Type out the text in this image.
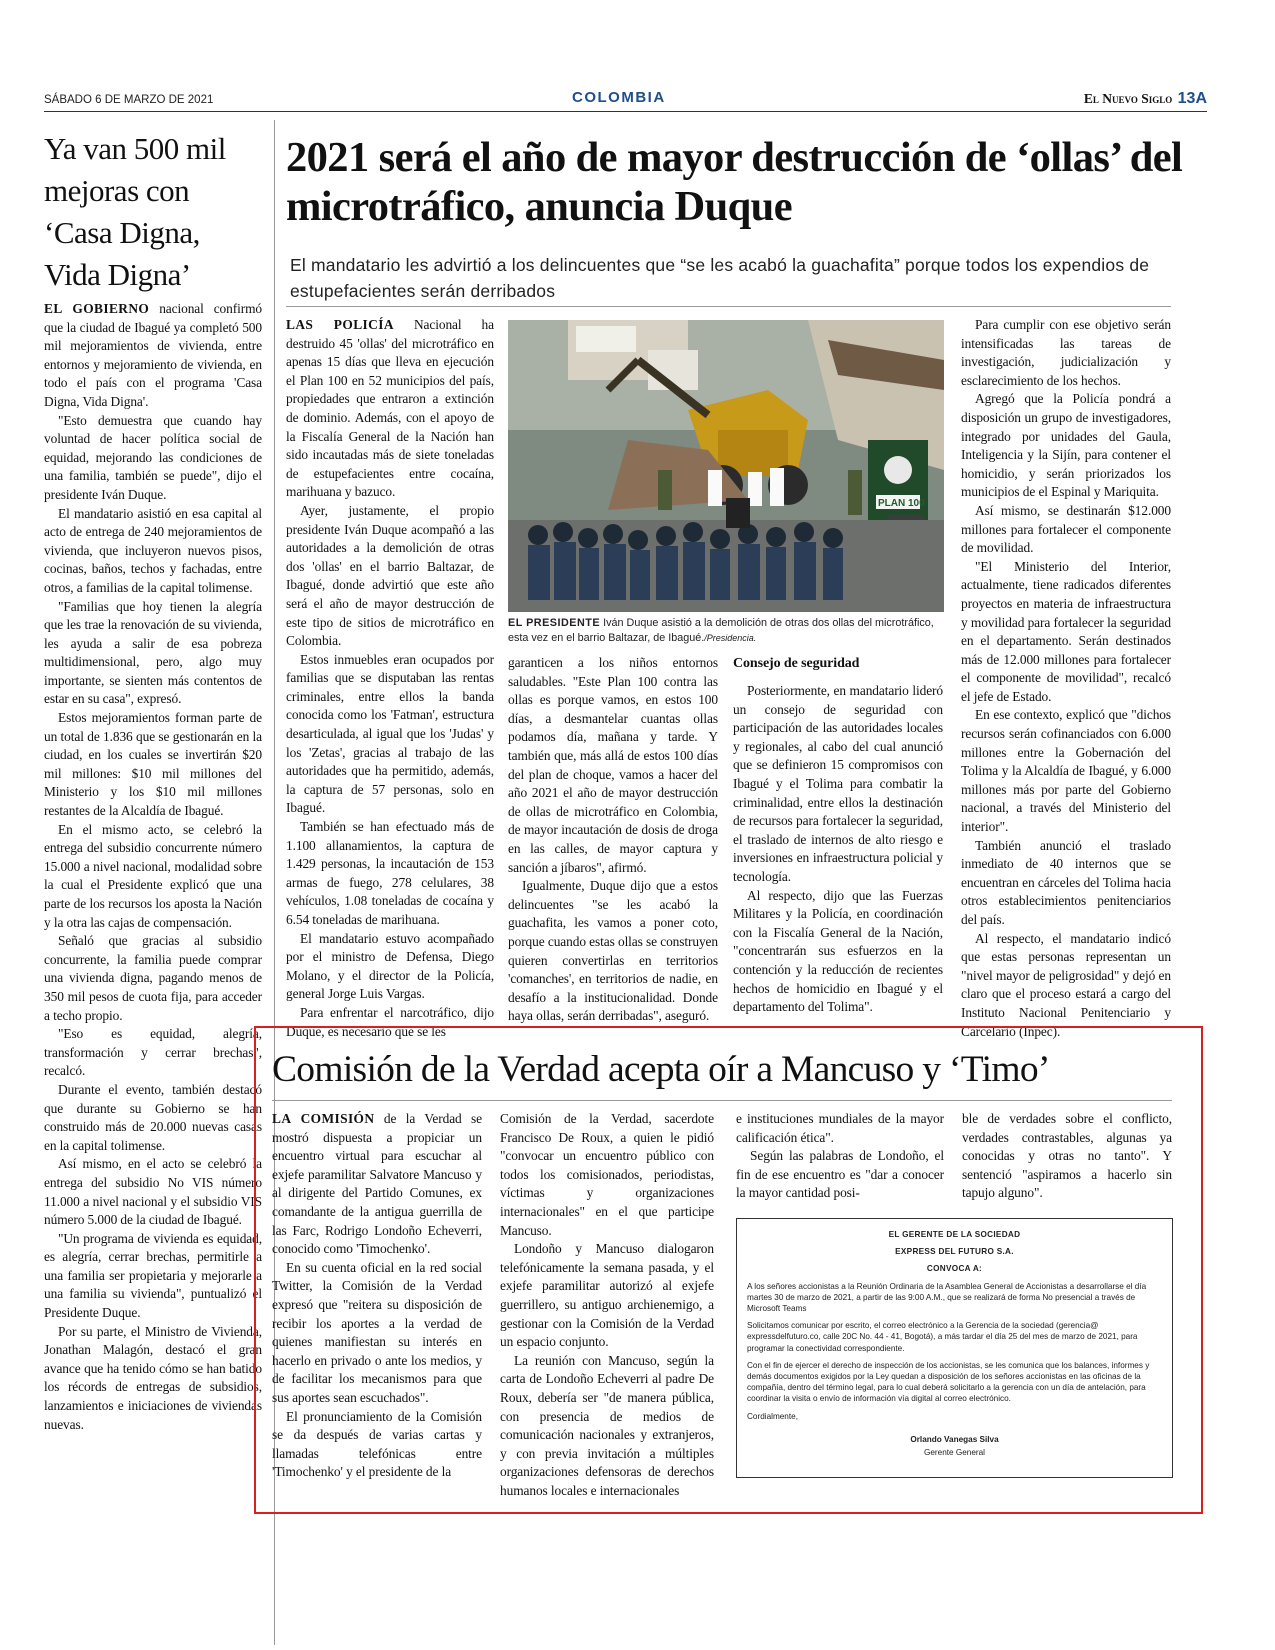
SÁBADO 6 DE MARZO DE 2021	COLOMBIA	El Nuevo Siglo 13A
Ya van 500 mil mejoras con ‘Casa Digna, Vida Digna’

EL GOBIERNO nacional confirmó que la ciudad de Ibagué ya completó 500 mil mejoramientos de vivienda, entre entornos y mejoramiento de vivienda, en todo el país con el programa 'Casa Digna, Vida Digna'.

"Esto demuestra que cuando hay voluntad de hacer política social de equidad, mejorando las condiciones de una familia, también se puede", dijo el presidente Iván Duque.

El mandatario asistió en esa capital al acto de entrega de 240 mejoramientos de vivienda, que incluyeron nuevos pisos, cocinas, baños, techos y fachadas, entre otros, a familias de la capital tolimense.

"Familias que hoy tienen la alegría que les trae la renovación de su vivienda, les ayuda a salir de esa pobreza multidimensional, pero, algo muy importante, se sienten más contentos de estar en su casa", expresó.

Estos mejoramientos forman parte de un total de 1.836 que se gestionarán en la ciudad, en los cuales se invertirán $20 mil millones: $10 mil millones del Ministerio y los $10 mil millones restantes de la Alcaldía de Ibagué.

En el mismo acto, se celebró la entrega del subsidio concurrente número 15.000 a nivel nacional, modalidad sobre la cual el Presidente explicó que una parte de los recursos los aposta la Nación y la otra las cajas de compensación.

Señaló que gracias al subsidio concurrente, la familia puede comprar una vivienda digna, pagando menos de 350 mil pesos de cuota fija, para acceder a techo propio.

"Eso es equidad, alegría, transformación y cerrar brechas", recalcó.

Durante el evento, también destacó que durante su Gobierno se han construido más de 20.000 nuevas casas en la capital tolimense.

Así mismo, en el acto se celebró la entrega del subsidio No VIS número 11.000 a nivel nacional y el subsidio VIS número 5.000 de la ciudad de Ibagué.

"Un programa de vivienda es equidad, es alegría, cerrar brechas, permitirle a una familia ser propietaria y mejorarle a una familia su vivienda", puntualizó el Presidente Duque.

Por su parte, el Ministro de Vivienda, Jonathan Malagón, destacó el gran avance que ha tenido cómo se han batido los récords de entregas de subsidios, lanzamientos e iniciaciones de viviendas nuevas.

2021 será el año de mayor destrucción de ‘ollas’ del microtráfico, anuncia Duque
El mandatario les advirtió a los delincuentes que “se les acabó la guachafita” porque todos los expendios de estupefacientes serán derribados

LAS POLICÍA Nacional ha destruido 45 'ollas' del microtráfico en apenas 15 días que lleva en ejecución el Plan 100 en 52 municipios del país, propiedades que entraron a extinción de dominio. Además, con el apoyo de la Fiscalía General de la Nación han sido incautadas más de siete toneladas de estupefacientes entre cocaína, marihuana y bazuco.

Ayer, justamente, el propio presidente Iván Duque acompañó a las autoridades a la demolición de otras dos 'ollas' en el barrio Baltazar, de Ibagué, donde advirtió que este año será el año de mayor destrucción de este tipo de sitios de microtráfico en Colombia.

Estos inmuebles eran ocupados por familias que se disputaban las rentas criminales, entre ellos la banda conocida como los 'Fatman', estructura desarticulada, al igual que los 'Judas' y los 'Zetas', gracias al trabajo de las autoridades que ha permitido, además, la captura de 57 personas, solo en Ibagué.

También se han efectuado más de 1.100 allanamientos, la captura de 1.429 personas, la incautación de 153 armas de fuego, 278 celulares, 38 vehículos, 1.08 toneladas de cocaína y 6.54 toneladas de marihuana.

El mandatario estuvo acompañado por el ministro de Defensa, Diego Molano, y el director de la Policía, general Jorge Luis Vargas.

Para enfrentar el narcotráfico, dijo Duque, es necesario que se les

PLAN 100
EL PRESIDENTE Iván Duque asistió a la demolición de otras dos ollas del microtráfico, esta vez en el barrio Baltazar, de Ibagué./Presidencia.

garanticen a los niños entornos saludables. "Este Plan 100 contra las ollas es porque vamos, en estos 100 días, a desmantelar cuantas ollas podamos día, mañana y tarde. Y también que, más allá de estos 100 días del plan de choque, vamos a hacer del año 2021 el año de mayor destrucción de ollas de microtráfico en Colombia, de mayor incautación de dosis de droga en las calles, de mayor captura y sanción a jíbaros", afirmó.

Igualmente, Duque dijo que a estos delincuentes "se les acabó la guachafita, les vamos a poner coto, porque cuando estas ollas se construyen quieren convertirlas en territorios 'comanches', en territorios de nadie, en desafío a la institucionalidad. Donde haya ollas, serán derribadas", aseguró.

Consejo de seguridad

Posteriormente, en mandatario lideró un consejo de seguridad con participación de las autoridades locales y regionales, al cabo del cual anunció que se definieron 15 compromisos con Ibagué y el Tolima para combatir la criminalidad, entre ellos la destinación de recursos para fortalecer la seguridad, el traslado de internos de alto riesgo e inversiones en infraestructura policial y tecnología.

Al respecto, dijo que las Fuerzas Militares y la Policía, en coordinación con la Fiscalía General de la Nación, "concentrarán sus esfuerzos en la contención y la reducción de recientes hechos de homicidio en Ibagué y el departamento del Tolima".

Para cumplir con ese objetivo serán intensificadas las tareas de investigación, judicialización y esclarecimiento de los hechos.

Agregó que la Policía pondrá a disposición un grupo de investigadores, integrado por unidades del Gaula, Inteligencia y la Sijín, para contener el homicidio, y serán priorizados los municipios de el Espinal y Mariquita.

Así mismo, se destinarán $12.000 millones para fortalecer el componente de movilidad.

"El Ministerio del Interior, actualmente, tiene radicados diferentes proyectos en materia de infraestructura y movilidad para fortalecer la seguridad en el departamento. Serán destinados más de 12.000 millones para fortalecer el componente de movilidad", recalcó el jefe de Estado.

En ese contexto, explicó que "dichos recursos serán cofinanciados con 6.000 millones entre la Gobernación del Tolima y la Alcaldía de Ibagué, y 6.000 millones más por parte del Gobierno nacional, a través del Ministerio del interior".

También anunció el traslado inmediato de 40 internos que se encuentran en cárceles del Tolima hacia otros establecimientos penitenciarios del país.

Al respecto, el mandatario indicó que estas personas representan un "nivel mayor de peligrosidad" y dejó en claro que el proceso estará a cargo del Instituto Nacional Penitenciario y Carcelario (Inpec).

Comisión de la Verdad acepta oír a Mancuso y ‘Timo’

LA COMISIÓN de la Verdad se mostró dispuesta a propiciar un encuentro virtual para escuchar al exjefe paramilitar Salvatore Mancuso y al dirigente del Partido Comunes, ex comandante de la antigua guerrilla de las Farc, Rodrigo Londoño Echeverri, conocido como 'Timochenko'.

En su cuenta oficial en la red social Twitter, la Comisión de la Verdad expresó que "reitera su disposición de recibir los aportes a la verdad de quienes manifiestan su interés en hacerlo en privado o ante los medios, y de facilitar los mecanismos para que sus aportes sean escuchados".

El pronunciamiento de la Comisión se da después de varias cartas y llamadas telefónicas entre 'Timochenko' y el presidente de la

Comisión de la Verdad, sacerdote Francisco De Roux, a quien le pidió "convocar un encuentro público con todos los comisionados, periodistas, víctimas y organizaciones internacionales" en el que participe Mancuso.

Londoño y Mancuso dialogaron telefónicamente la semana pasada, y el exjefe paramilitar autorizó al exjefe guerrillero, su antiguo archienemigo, a gestionar con la Comisión de la Verdad un espacio conjunto.

La reunión con Mancuso, según la carta de Londoño Echeverri al padre De Roux, debería ser "de manera pública, con presencia de medios de comunicación nacionales y extranjeros, y con previa invitación a múltiples organizaciones defensoras de derechos humanos locales e internacionales

e instituciones mundiales de la mayor calificación ética".

Según las palabras de Londoño, el fin de ese encuentro es "dar a conocer la mayor cantidad posi-

ble de verdades sobre el conflicto, verdades contrastables, algunas ya conocidas y otras no tanto". Y sentenció "aspiramos a hacerlo sin tapujo alguno".

EL GERENTE DE LA SOCIEDAD
EXPRESS DEL FUTURO S.A.
CONVOCA A:

A los señores accionistas a la Reunión Ordinaria de la Asamblea General de Accionistas a desarrollarse el día martes 30 de marzo de 2021, a partir de las 9:00 A.M., que se realizará de forma No presencial a través de Microsoft Teams

Solicitamos comunicar por escrito, el correo electrónico a la Gerencia de la sociedad (gerencia@ expressdelfuturo.co, calle 20C No. 44 - 41, Bogotá), a más tardar el día 25 del mes de marzo de 2021, para programar la conectividad correspondiente.

Con el fin de ejercer el derecho de inspección de los accionistas, se les comunica que los balances, informes y demás documentos exigidos por la Ley quedan a disposición de los señores accionistas en las oficinas de la compañía, dentro del término legal, para lo cual deberá solicitarlo a la gerencia con un día de antelación, para coordinar la visita o envío de información vía digital al correo electrónico.

Cordialmente,

Orlando Vanegas Silva
Gerente General
